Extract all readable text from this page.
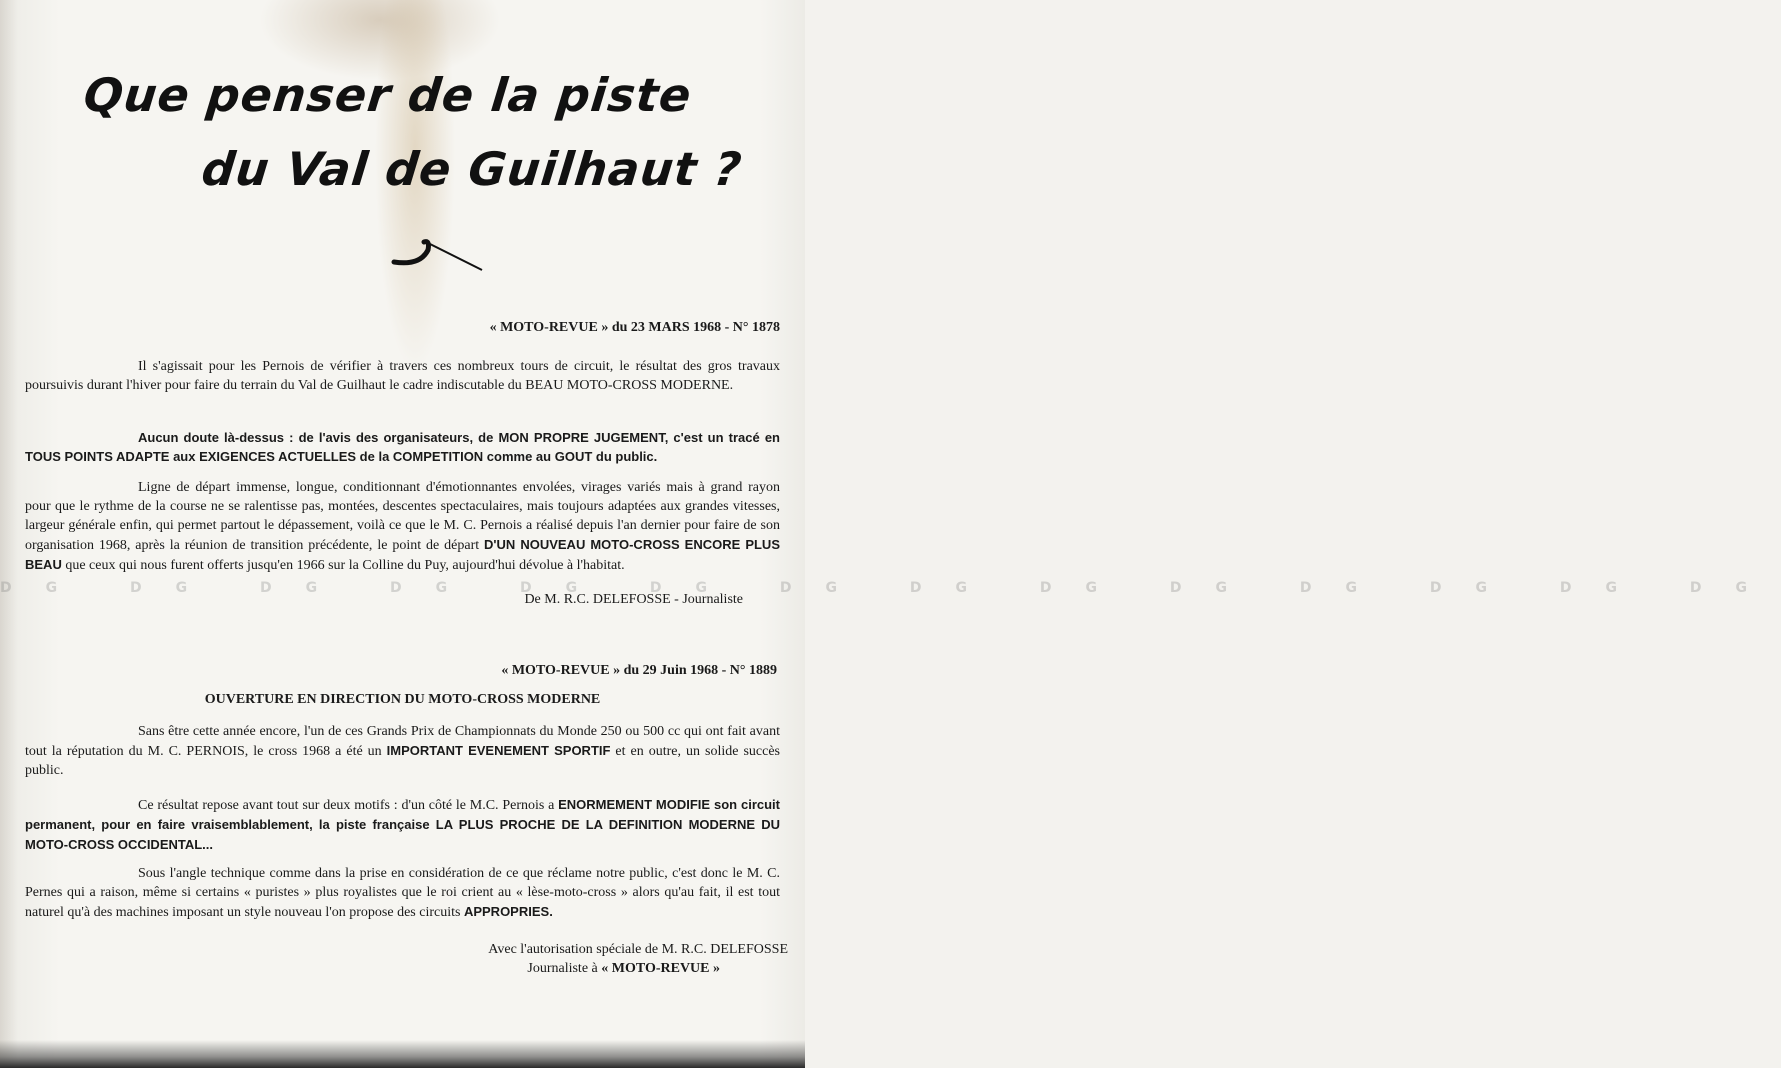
Que penser de la piste
du Val de Guilhaut ?
« MOTO-REVUE » du 23 MARS 1968 - N° 1878

Il s'agissait pour les Pernois de vérifier à travers ces nombreux tours de circuit, le résultat des gros travaux poursuivis durant l'hiver pour faire du terrain du Val de Guilhaut le cadre indiscutable du BEAU MOTO-CROSS MODERNE.

Aucun doute là-dessus : de l'avis des organisateurs, de MON PROPRE JUGEMENT, c'est un tracé en TOUS POINTS ADAPTE aux EXIGENCES ACTUELLES de la COMPETITION comme au GOUT du public.

Ligne de départ immense, longue, conditionnant d'émotionnantes envolées, virages variés mais à grand rayon pour que le rythme de la course ne se ralentisse pas, montées, descentes spectaculaires, mais toujours adaptées aux grandes vitesses, largeur générale enfin, qui permet partout le dépassement, voilà ce que le M. C. Pernois a réalisé depuis l'an dernier pour faire de son organisation 1968, après la réunion de transition précédente, le point de départ D'UN NOUVEAU MOTO-CROSS ENCORE PLUS BEAU que ceux qui nous furent offerts jusqu'en 1966 sur la Colline du Puy, aujourd'hui dévolue à l'habitat.

DG DG DG DG DG DG DG DG DG DG DG DG DG DG
De M. R.C. DELEFOSSE - Journaliste
« MOTO-REVUE » du 29 Juin 1968 - N° 1889
OUVERTURE EN DIRECTION DU MOTO-CROSS MODERNE

Sans être cette année encore, l'un de ces Grands Prix de Championnats du Monde 250 ou 500 cc qui ont fait avant tout la réputation du M. C. PERNOIS, le cross 1968 a été un IMPORTANT EVENEMENT SPORTIF et en outre, un solide succès public.

Ce résultat repose avant tout sur deux motifs : d'un côté le M.C. Pernois a ENORMEMENT MODIFIE son circuit permanent, pour en faire vraisemblablement, la piste française LA PLUS PROCHE DE LA DEFINITION MODERNE DU MOTO-CROSS OCCIDENTAL...

Sous l'angle technique comme dans la prise en considération de ce que réclame notre public, c'est donc le M. C. Pernes qui a raison, même si certains « puristes » plus royalistes que le roi crient au « lèse-moto-cross » alors qu'au fait, il est tout naturel qu'à des machines imposant un style nouveau l'on propose des circuits APPROPRIES.

Avec l'autorisation spéciale de M. R.C. DELEFOSSE
Journaliste à « MOTO-REVUE »
